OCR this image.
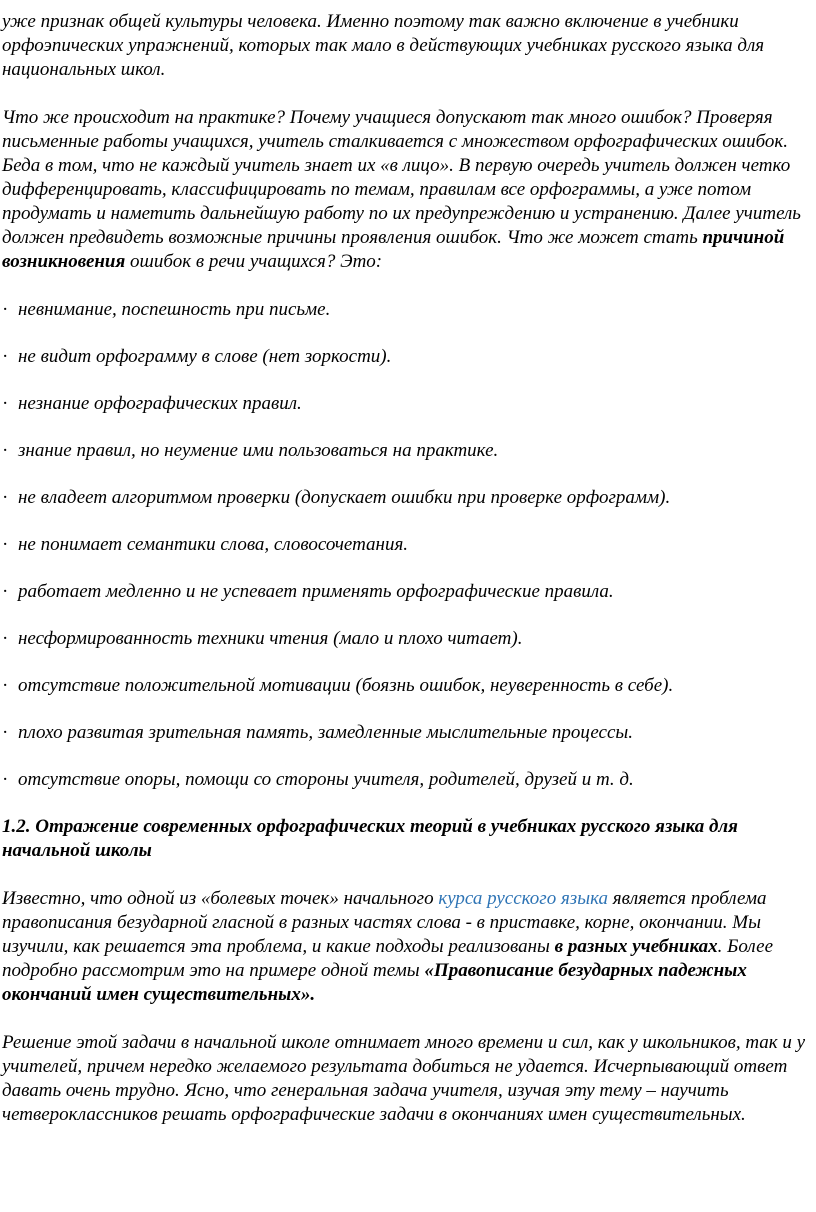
уже признак общей культуры человека. Именно поэтому так важно включение в учебники орфоэпических упражнений, которых так мало в действующих учебниках русского языка для национальных школ.

Что же происходит на практике? Почему учащиеся допускают так много ошибок? Проверяя письменные работы учащихся, учитель сталкивается с множеством орфографических ошибок. Беда в том, что не каждый учитель знает их «в лицо». В первую очередь учитель должен четко дифференцировать, классифицировать по темам, правилам все орфограммы, а уже потом продумать и наметить дальнейшую работу по их предупреждению и устранению. Далее учитель должен предвидеть возможные причины проявления ошибок. Что же может стать причиной возникновения ошибок в речи учащихся? Это:

· невнимание, поспешность при письме.
· не видит орфограмму в слове (нет зоркости).
· незнание орфографических правил.
· знание правил, но неумение ими пользоваться на практике.
· не владеет алгоритмом проверки (допускает ошибки при проверке орфограмм).
· не понимает семантики слова, словосочетания.
· работает медленно и не успевает применять орфографические правила.
· несформированность техники чтения (мало и плохо читает).
· отсутствие положительной мотивации (боязнь ошибок, неуверенность в себе).
· плохо развитая зрительная память, замедленные мыслительные процессы.
· отсутствие опоры, помощи со стороны учителя, родителей, друзей и т. д.
1.2. Отражение современных орфографических теорий в учебниках русского языка для начальной школы

Известно, что одной из «болевых точек» начального курса русского языка является проблема правописания безударной гласной в разных частях слова - в приставке, корне, окончании. Мы изучили, как решается эта проблема, и какие подходы реализованы в разных учебниках. Более подробно рассмотрим это на примере одной темы «Правописание безударных падежных окончаний имен существительных».

Решение этой задачи в начальной школе отнимает много времени и сил, как у школьников, так и у учителей, причем нередко желаемого результата добиться не удается. Исчерпывающий ответ давать очень трудно. Ясно, что генеральная задача учителя, изучая эту тему – научить четвероклассников решать орфографические задачи в окончаниях имен существительных.
